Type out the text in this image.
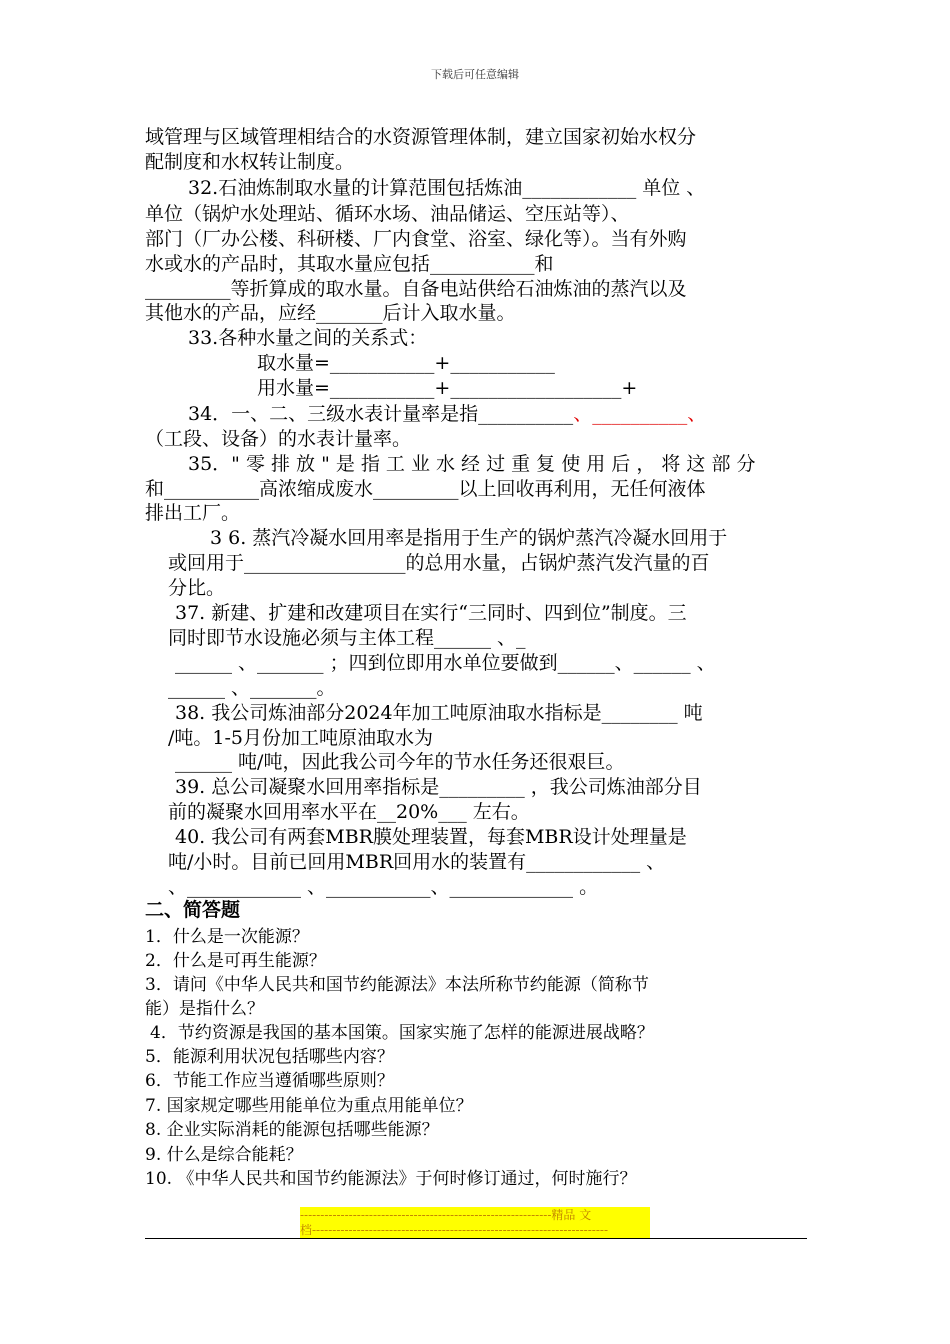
下载后可任意编辑
域管理与区域管理相结合的水资源管理体制，建立国家初始水权分
配制度和水权转让制度。
32.石油炼制取水量的计算范围包括炼油____________ 单位 、
单位（锅炉水处理站、循环水场、油品储运、空压站等）、
部门（厂办公楼、科研楼、厂内食堂、浴室、绿化等）。当有外购
水或水的产品时，其取水量应包括___________和
_________等折算成的取水量。自备电站供给石油炼油的蒸汽以及
其他水的产品，应经_______后计入取水量。
33.各种水量之间的关系式：
取水量=___________+___________
用水量=___________+__________________+
34．一、二、三级水表计量率是指__________、__________、
（工段、设备）的水表计量率。
35．" 零 排 放 " 是 指 工 业 水 经 过 重 复 使 用 后 ， 将 这 部 分
和__________高浓缩成废水_________以上回收再利用，无任何液体
排出工厂。
3 6. 蒸汽冷凝水回用率是指用于生产的锅炉蒸汽冷凝水回用于
或回用于_________________的总用水量，占锅炉蒸汽发汽量的百
分比。
37. 新建、扩建和改建项目在实行“三同时、四到位”制度。三
同时即节水设施必须与主体工程______ 、_
______ 、_______ ；四到位即用水单位要做到______、______ 、
______ 、_______。
38. 我公司炼油部分2024年加工吨原油取水指标是________ 吨
/吨。1-5月份加工吨原油取水为
______ 吨/吨，因此我公司今年的节水任务还很艰巨。
39. 总公司凝聚水回用率指标是_________ ，我公司炼油部分目
前的凝聚水回用率水平在__20%___ 左右。
40. 我公司有两套MBR膜处理装置，每套MBR设计处理量是
吨/小时。目前已回用MBR回用水的装置有____________ 、
、____________ 、___________、_____________ 。
二、简答题
1．什么是一次能源？
2．什么是可再生能源？
3．请问《中华人民共和国节约能源法》本法所称节约能源（简称节
能）是指什么？
4．节约资源是我国的基本国策。国家实施了怎样的能源进展战略？
5．能源利用状况包括哪些内容？
6．节能工作应当遵循哪些原则？
7. 国家规定哪些用能单位为重点用能单位？
8. 企业实际消耗的能源包括哪些能源？
9. 什么是综合能耗？
10. 《中华人民共和国节约能源法》于何时修订通过，何时施行？
--------------------------------------------------------------精品 文
档-------------------------------------------------------------------------
